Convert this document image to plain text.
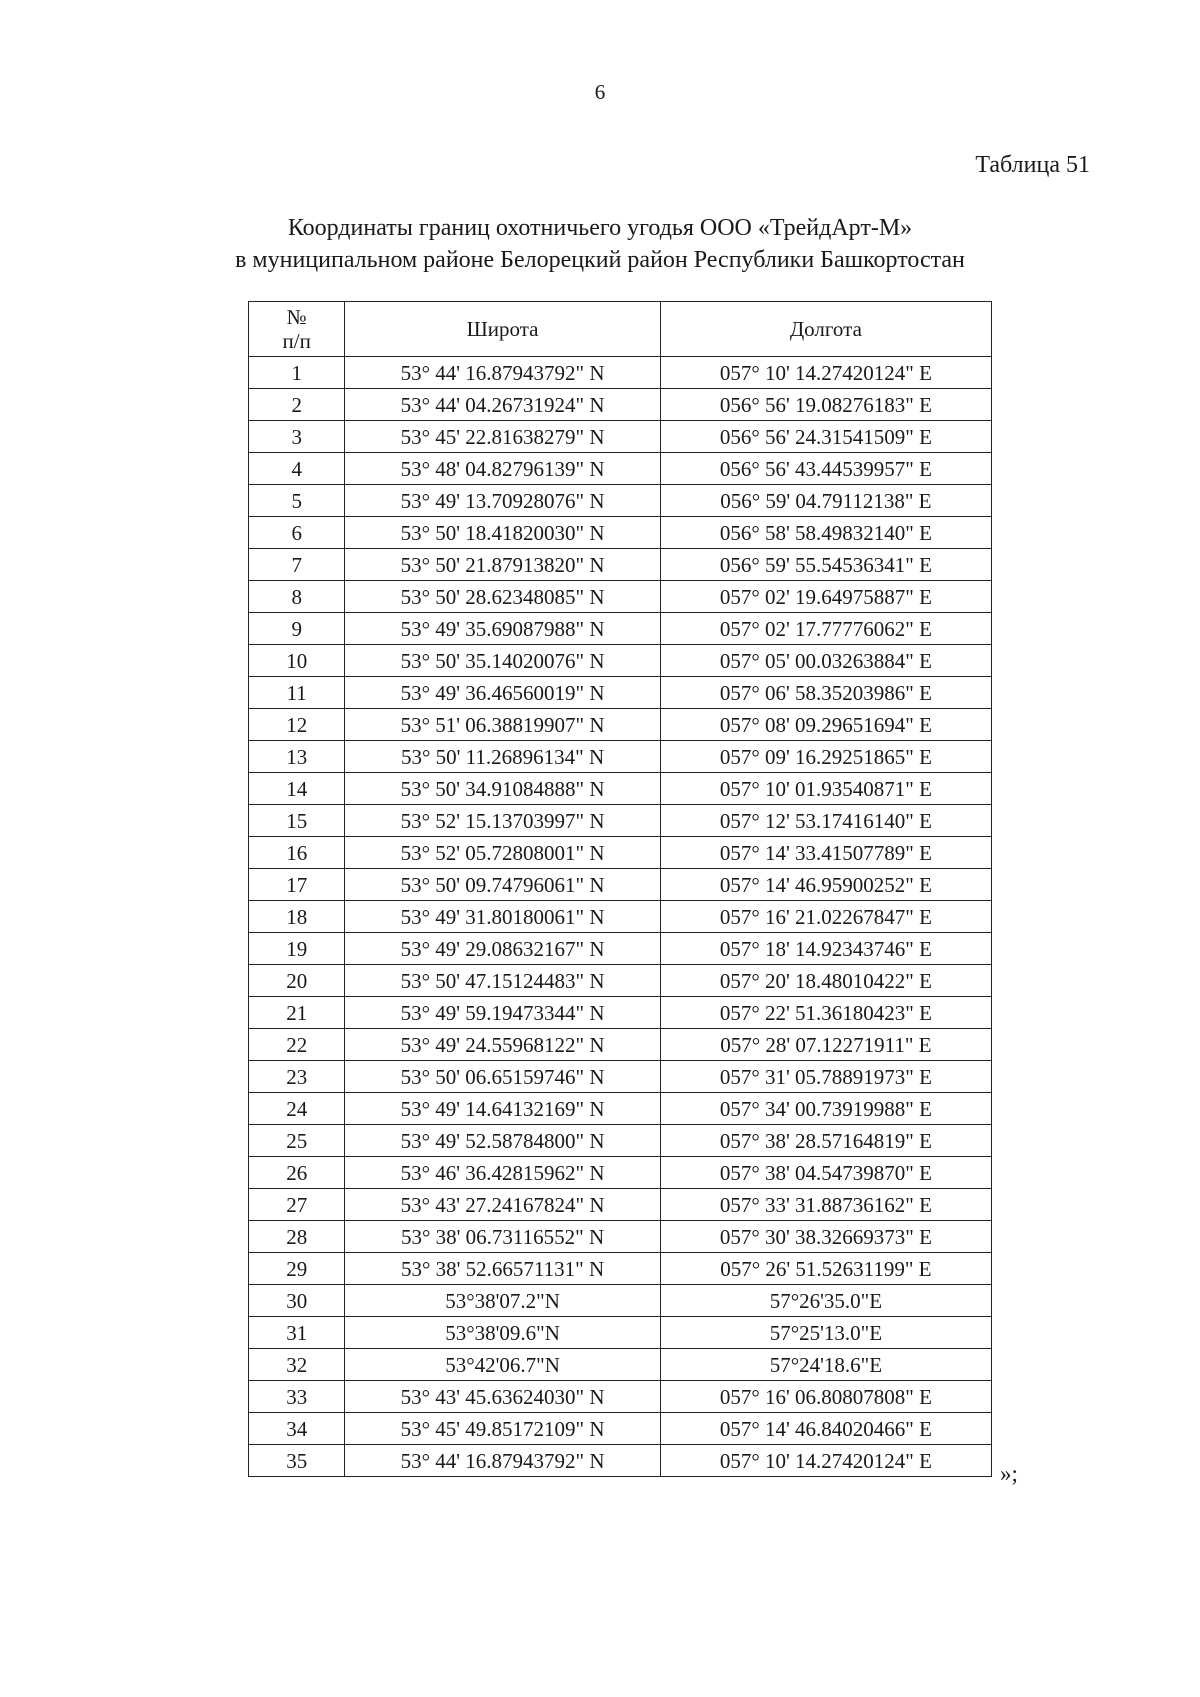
6
Таблица 51
Координаты границ охотничьего угодья ООО «ТрейдАрт-М»
в муниципальном районе Белорецкий район Республики Башкортостан
№
п/п	Широта	Долгота
1	53° 44' 16.87943792" N	057° 10' 14.27420124" E
2	53° 44' 04.26731924" N	056° 56' 19.08276183" E
3	53° 45' 22.81638279" N	056° 56' 24.31541509" E
4	53° 48' 04.82796139" N	056° 56' 43.44539957" E
5	53° 49' 13.70928076" N	056° 59' 04.79112138" E
6	53° 50' 18.41820030" N	056° 58' 58.49832140" E
7	53° 50' 21.87913820" N	056° 59' 55.54536341" E
8	53° 50' 28.62348085" N	057° 02' 19.64975887" E
9	53° 49' 35.69087988" N	057° 02' 17.77776062" E
10	53° 50' 35.14020076" N	057° 05' 00.03263884" E
11	53° 49' 36.46560019" N	057° 06' 58.35203986" E
12	53° 51' 06.38819907" N	057° 08' 09.29651694" E
13	53° 50' 11.26896134" N	057° 09' 16.29251865" E
14	53° 50' 34.91084888" N	057° 10' 01.93540871" E
15	53° 52' 15.13703997" N	057° 12' 53.17416140" E
16	53° 52' 05.72808001" N	057° 14' 33.41507789" E
17	53° 50' 09.74796061" N	057° 14' 46.95900252" E
18	53° 49' 31.80180061" N	057° 16' 21.02267847" E
19	53° 49' 29.08632167" N	057° 18' 14.92343746" E
20	53° 50' 47.15124483" N	057° 20' 18.48010422" E
21	53° 49' 59.19473344" N	057° 22' 51.36180423" E
22	53° 49' 24.55968122" N	057° 28' 07.12271911" E
23	53° 50' 06.65159746" N	057° 31' 05.78891973" E
24	53° 49' 14.64132169" N	057° 34' 00.73919988" E
25	53° 49' 52.58784800" N	057° 38' 28.57164819" E
26	53° 46' 36.42815962" N	057° 38' 04.54739870" E
27	53° 43' 27.24167824" N	057° 33' 31.88736162" E
28	53° 38' 06.73116552" N	057° 30' 38.32669373" E
29	53° 38' 52.66571131" N	057° 26' 51.52631199" E
30	53°38'07.2"N	57°26'35.0"E
31	53°38'09.6"N	57°25'13.0"E
32	53°42'06.7"N	57°24'18.6"E
33	53° 43' 45.63624030" N	057° 16' 06.80807808" E
34	53° 45' 49.85172109" N	057° 14' 46.84020466" E
35	53° 44' 16.87943792" N	057° 10' 14.27420124" E
»;
